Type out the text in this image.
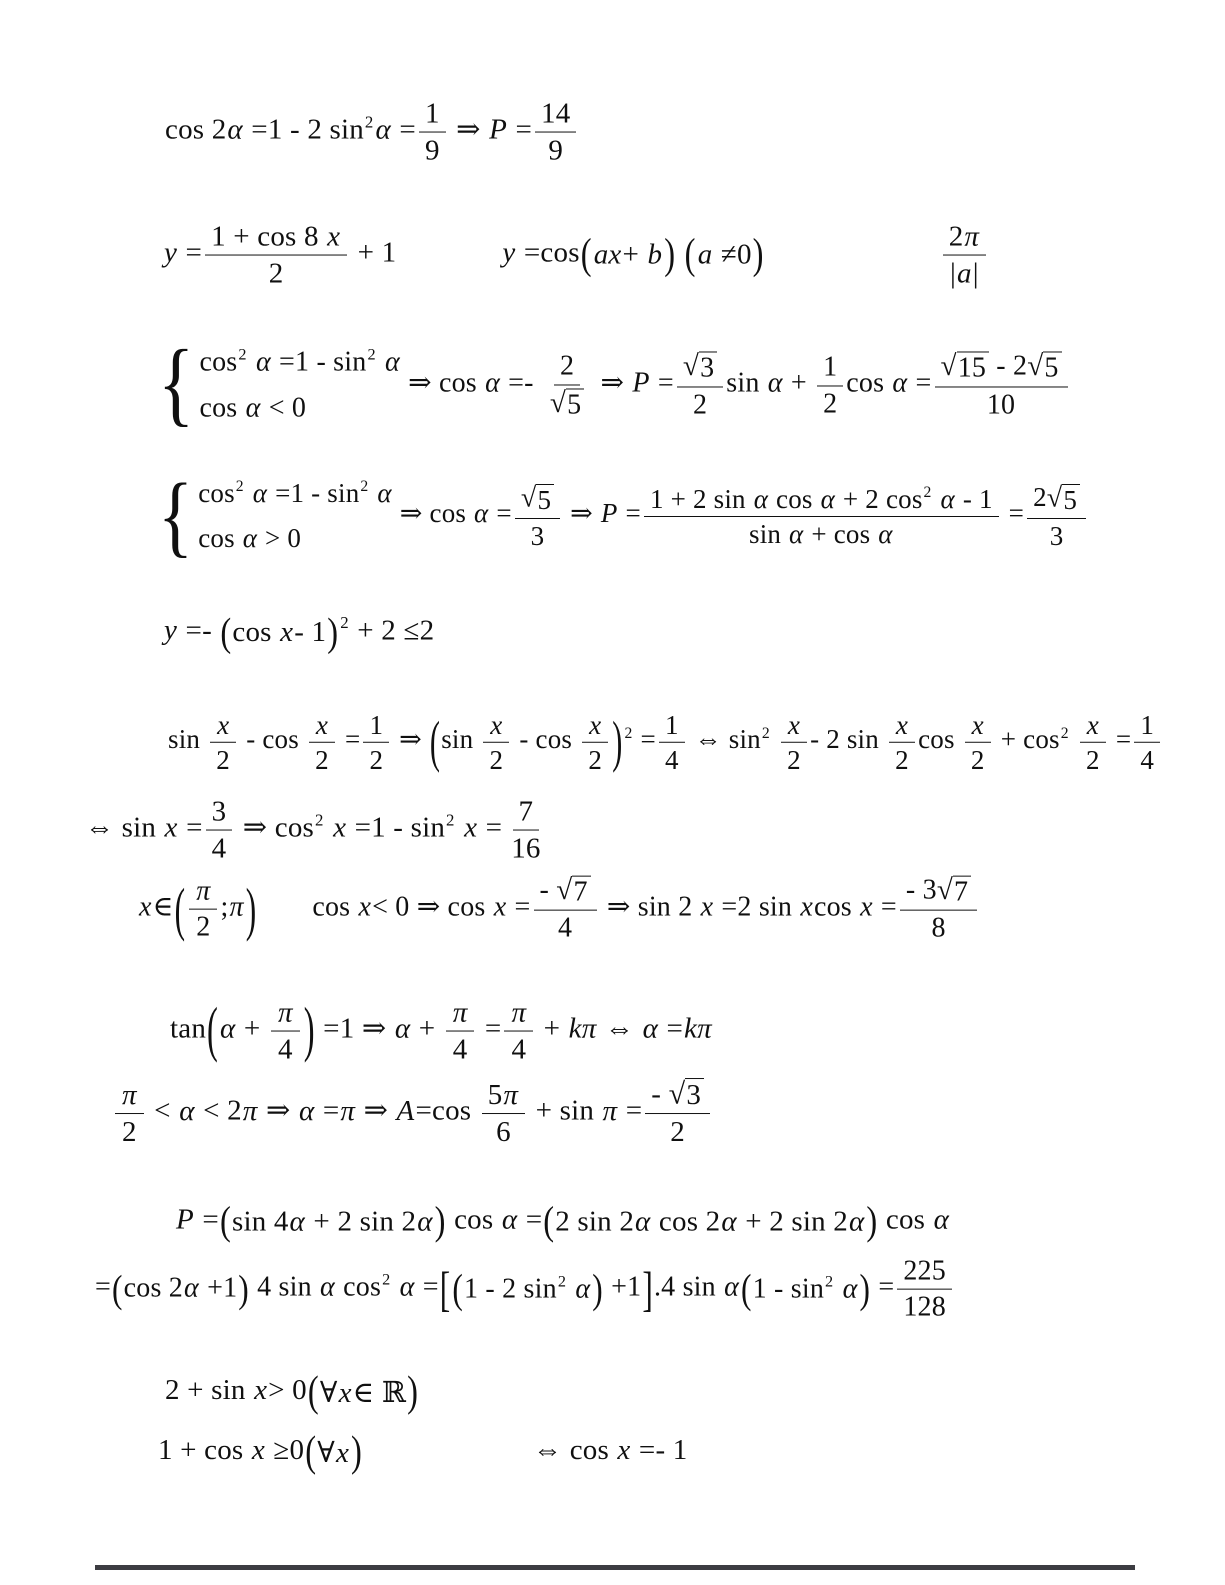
cos 2α =1 - 2 $\sin^2\alpha = \frac{1}{9}$ ⇒ $P = \frac{14}{9}$
$y = \frac{1 + \cos 8 x}{2} + 1$	y =cos ( ax+ b )
( a ≠0 )	$\frac{2\pi}{|a|}$
{ $\cos^2 \alpha =1 - \sin^2 \alpha$
cos α < 0
⇒ $\cos \alpha =- \frac{2}{√ 5}$ ⇒ $P = \frac{√ 3}{2}$ $\sin \alpha + \frac{1}{2}$ $\cos \alpha = \frac{√ 15 - 2 √ 5}{10}$
{ $\cos^2 \alpha =1 - \sin^2 \alpha$
cos α > 0
⇒ $\cos \alpha = \frac{√ 5}{3}$ ⇒ $P = \frac{1 + 2 \sin \alpha \cos \alpha + 2 \cos^2 \alpha - 1}{\text{sin α + cos α}} = \frac{2 √ 5}{3}$
y =- ( cos x- 1 ) $^2$ + 2 ≤2
$\sin \frac{x}{2} - \cos \frac{x}{2} = \frac{1}{2}$ ⇒ ( $\sin \frac{x}{2}$ - $\cos \frac{x}{2}$ ) $^2 = \frac{1}{4}$ ⇔ $\sin^2 \frac{x}{2} - 2$ $\sin \frac{x}{2}$ $\cos \frac{x}{2} + \cos^2 \frac{x}{2} = \frac{1}{4}$
⇔ $\sin x = \frac{3}{4}$ ⇒ $\cos^2 x =1 - \sin^2 x = \frac{7}{16}$
x∈ ( $\frac{\pi}{2}$ ;π ) cos x< 0 ⇒ $\cos x = \frac{- √ 7}{4}$ ⇒ sin 2 x =2 sin xcos $x = \frac{- 3 √ 7}{8}$
tan ( $\alpha + \frac{\pi}{4}$ ) =1 ⇒ $\alpha + \frac{\pi}{4} = \frac{\pi}{4} + k\pi$ ⇔ α =kπ
$\frac{\pi}{2} < \alpha < 2\pi$ ⇒ α =π ⇒ $A=\cos \frac{5\pi}{6} + \sin \pi = \frac{- √ 3}{2}$
P = ( sin 4α + 2 sin 2α ) cos α = ( 2 sin 2α cos 2α + 2 sin 2α ) cos α
= ( cos 2α +1 ) 4 sin α $\cos^2 \alpha$ = [ ( 1 - 2 $\sin^2 \alpha$ ) +1 ] .4 sin α ( $1 - \sin^2 \alpha$ ) = $\frac{225}{128}$
2 + sin x> 0 ( ∀x∈ ℝ )
1 + cos x ≥0 ( ∀x )	⇔ cos x =- 1
